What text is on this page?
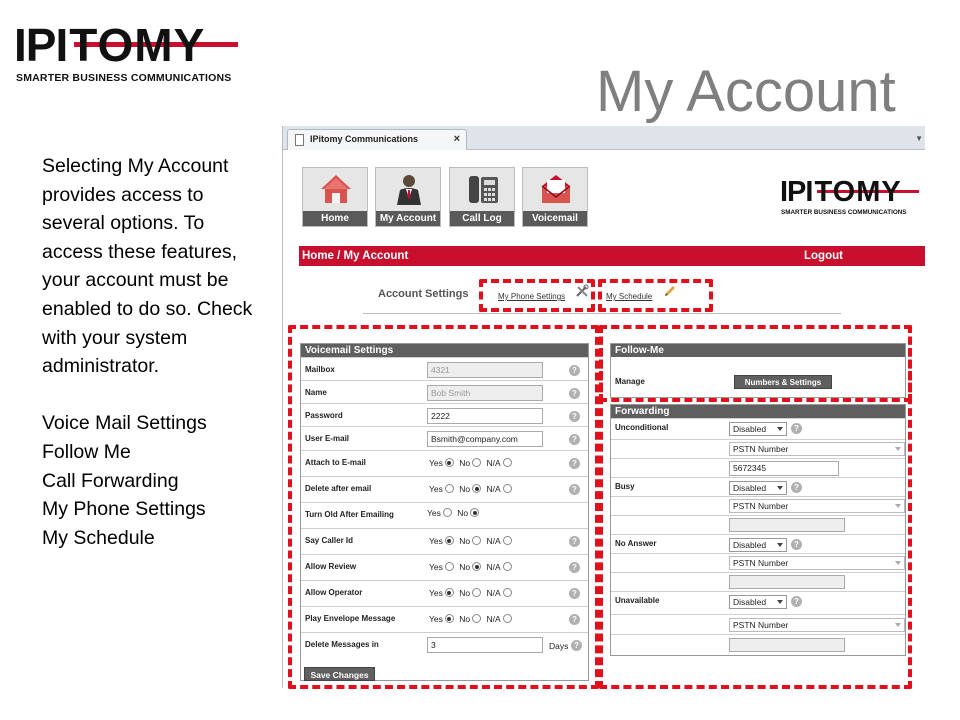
IPITOMY
SMARTER BUSINESS COMMUNICATIONS	My Account

Selecting My Account provides access to several options. To access these features, your account must be enabled to do so. Check with your system administrator.

Voice Mail Settings

Follow Me

Call Forwarding

My Phone Settings

My Schedule

IPitomy Communications	×	▼
Home	My Account	Call Log	Voicemail
IPITOMY
SMARTER BUSINESS COMMUNICATIONS
Home / My Account	Logout
Account Settings	My Phone Settings	My Schedule
Voicemail Settings
Mailbox	4321	?
Name	Bob Smith	?
Password	2222	?
User E-mail	Bsmith@company.com	?
Attach to E-mail	Yes No N/A	?
Delete after email	Yes No N/A	?
Turn Old After Emailing	Yes No
Say Caller Id	Yes No N/A	?
Allow Review	Yes No N/A	?
Allow Operator	Yes No N/A	?
Play Envelope Message	Yes No N/A	?
Delete Messages in	3	Days ?
Save Changes
Follow-Me
Manage	Numbers & Settings
Forwarding
Unconditional	Disabled	?
PSTN Number
5672345
Busy	Disabled	?
PSTN Number
No Answer	Disabled	?
PSTN Number
Unavailable	Disabled	?
PSTN Number
